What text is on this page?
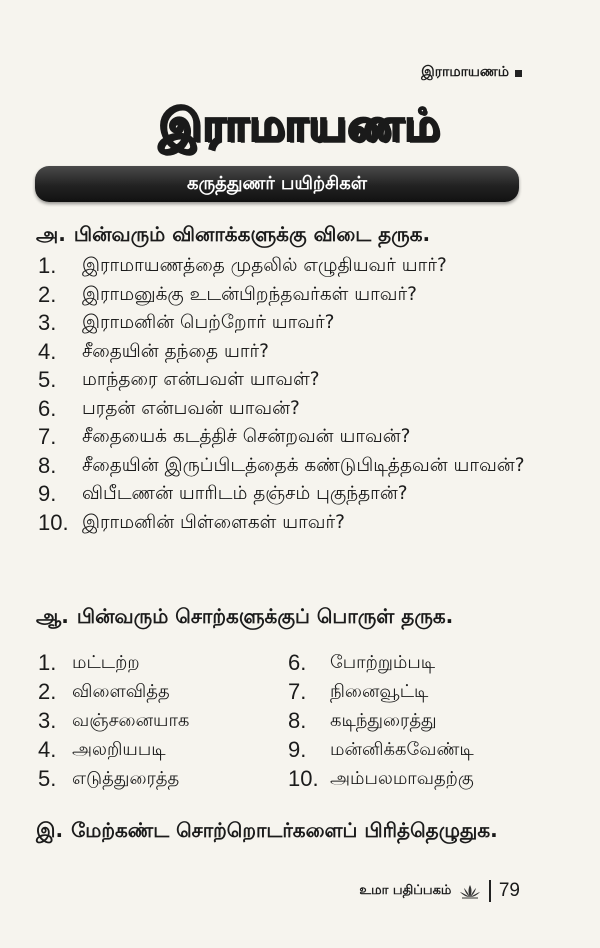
இராமாயணம்
இராமாயணம்
கருத்துணர் பயிற்சிகள்
அ. பின்வரும் வினாக்களுக்கு விடை தருக.
1.	இராமாயணத்தை முதலில் எழுதியவர் யார்?
2.	இராமனுக்கு உடன்பிறந்தவர்கள் யாவர்?
3.	இராமனின் பெற்றோர் யாவர்?
4.	சீதையின் தந்தை யார்?
5.	மாந்தரை என்பவள் யாவள்?
6.	பரதன் என்பவன் யாவன்?
7.	சீதையைக் கடத்திச் சென்றவன் யாவன்?
8.	சீதையின் இருப்பிடத்தைக் கண்டுபிடித்தவன் யாவன்?
9.	விபீடணன் யாரிடம் தஞ்சம் புகுந்தான்?
10. இராமனின் பிள்ளைகள் யாவர்?
ஆ. பின்வரும் சொற்களுக்குப் பொருள் தருக.
1. மட்டற்ற
2. விளைவித்த
3. வஞ்சனையாக
4. அலறியபடி
5. எடுத்துரைத்த
6.	போற்றும்படி
7.	நினைவூட்டி
8.	கடிந்துரைத்து
9.	மன்னிக்கவேண்டி
10. அம்பலமாவதற்கு
இ. மேற்கண்ட சொற்றொடர்களைப் பிரித்தெழுதுக.
உமா பதிப்பகம்	79
